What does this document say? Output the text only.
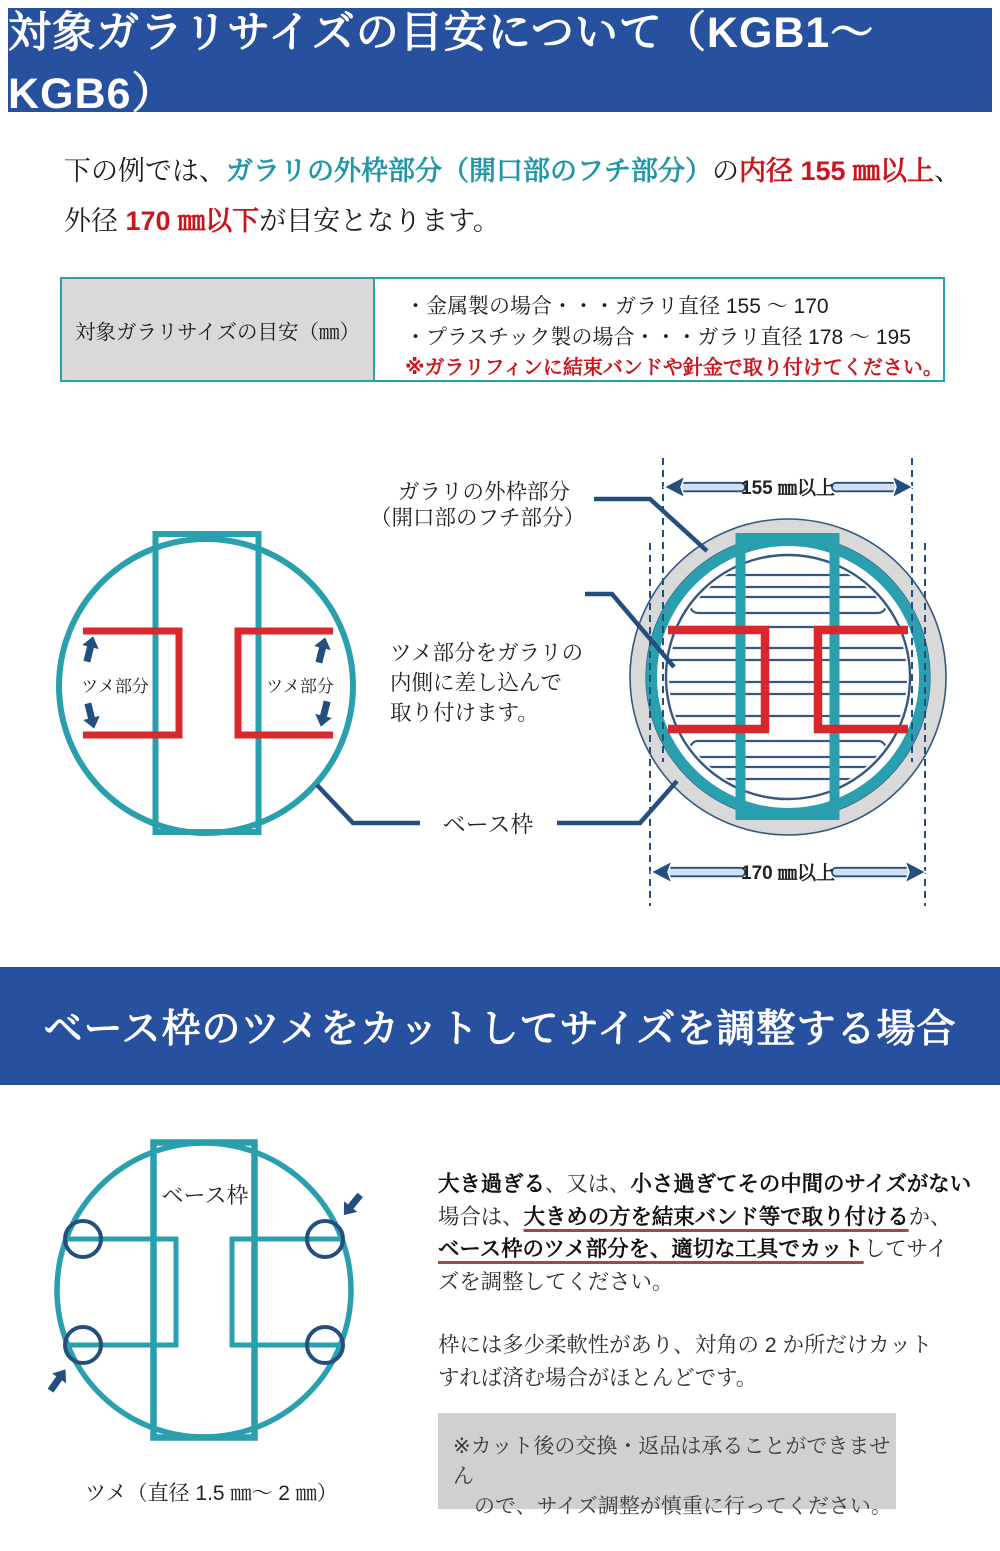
対象ガラリサイズの目安について（KGB1～KGB6）
下の例では、ガラリの外枠部分（開口部のフチ部分）の内径 155 ㎜以上、
外径 170 ㎜以下が目安となります。
対象ガラリサイズの目安（㎜）
・金属製の場合・・・ガラリ直径 155 ～ 170
・プラスチック製の場合・・・ガラリ直径 178 ～ 195
※ガラリフィンに結束バンドや針金で取り付けてください。
155 ㎜以上
170 ㎜以上
ツメ部分	ツメ部分
ガラリの外枠部分
（開口部のフチ部分）
ツメ部分をガラリの
内側に差し込んで
取り付けます。
ベース枠
ベース枠のツメをカットしてサイズを調整する場合
ベース枠
ツメ（直径 1.5 ㎜～ 2 ㎜）
大き過ぎる、又は、小さ過ぎてその中間のサイズがない
場合は、大きめの方を結束バンド等で取り付けるか、
ベース枠のツメ部分を、適切な工具でカットしてサイ
ズを調整してください。
枠には多少柔軟性があり、対角の 2 か所だけカット
すれば済む場合がほとんどです。
※カット後の交換・返品は承ることができません
ので、サイズ調整が慎重に行ってください。
